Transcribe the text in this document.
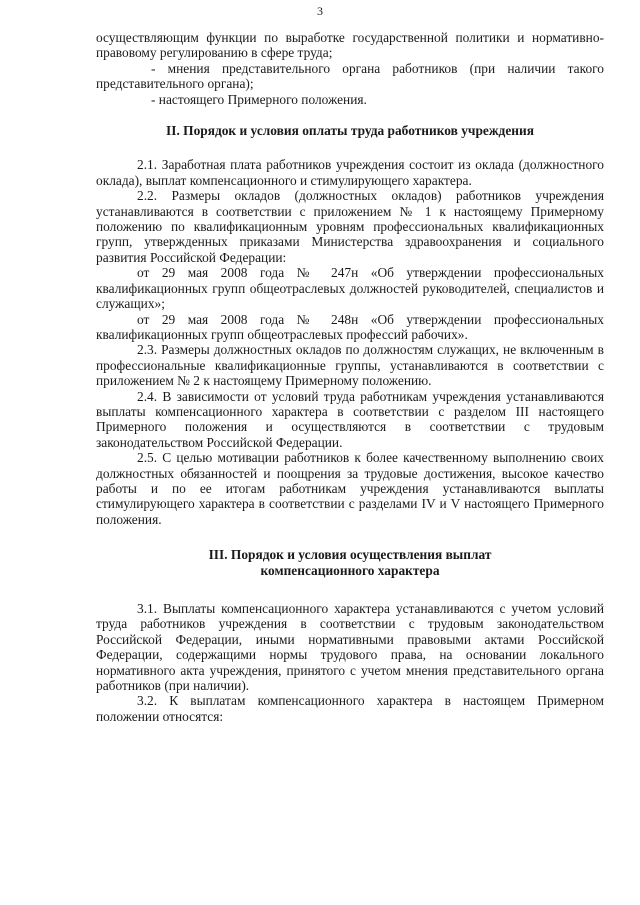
3

осуществляющим функции по выработке государственной политики и нормативно-правовому регулированию в сфере труда;

- мнения представительного органа работников (при наличии такого представительного органа);

- настоящего Примерного положения.

II. Порядок и условия оплаты труда работников учреждения

2.1. Заработная плата работников учреждения состоит из оклада (должностного оклада), выплат компенсационного и стимулирующего характера.

2.2. Размеры окладов (должностных окладов) работников учреждения устанавливаются в соответствии с приложением № 1 к настоящему Примерному положению по квалификационным уровням профессиональных квалификационных групп, утвержденных приказами Министерства здравоохранения и социального развития Российской Федерации:

от 29 мая 2008 года № 247н «Об утверждении профессиональных квалификационных групп общеотраслевых должностей руководителей, специалистов и служащих»;

от 29 мая 2008 года № 248н «Об утверждении профессиональных квалификационных групп общеотраслевых профессий рабочих».

2.3. Размеры должностных окладов по должностям служащих, не включенным в профессиональные квалификационные группы, устанавливаются в соответствии с приложением № 2 к настоящему Примерному положению.

2.4. В зависимости от условий труда работникам учреждения устанавливаются выплаты компенсационного характера в соответствии с разделом III настоящего Примерного положения и осуществляются в соответствии с трудовым законодательством Российской Федерации.

2.5. С целью мотивации работников к более качественному выполнению своих должностных обязанностей и поощрения за трудовые достижения, высокое качество работы и по ее итогам работникам учреждения устанавливаются выплаты стимулирующего характера в соответствии с разделами IV и V настоящего Примерного положения.

III. Порядок и условия осуществления выплат
компенсационного характера

3.1. Выплаты компенсационного характера устанавливаются с учетом условий труда работников учреждения в соответствии с трудовым законодательством Российской Федерации, иными нормативными правовыми актами Российской Федерации, содержащими нормы трудового права, на основании локального нормативного акта учреждения, принятого с учетом мнения представительного органа работников (при наличии).

3.2. К выплатам компенсационного характера в настоящем Примерном положении относятся:
